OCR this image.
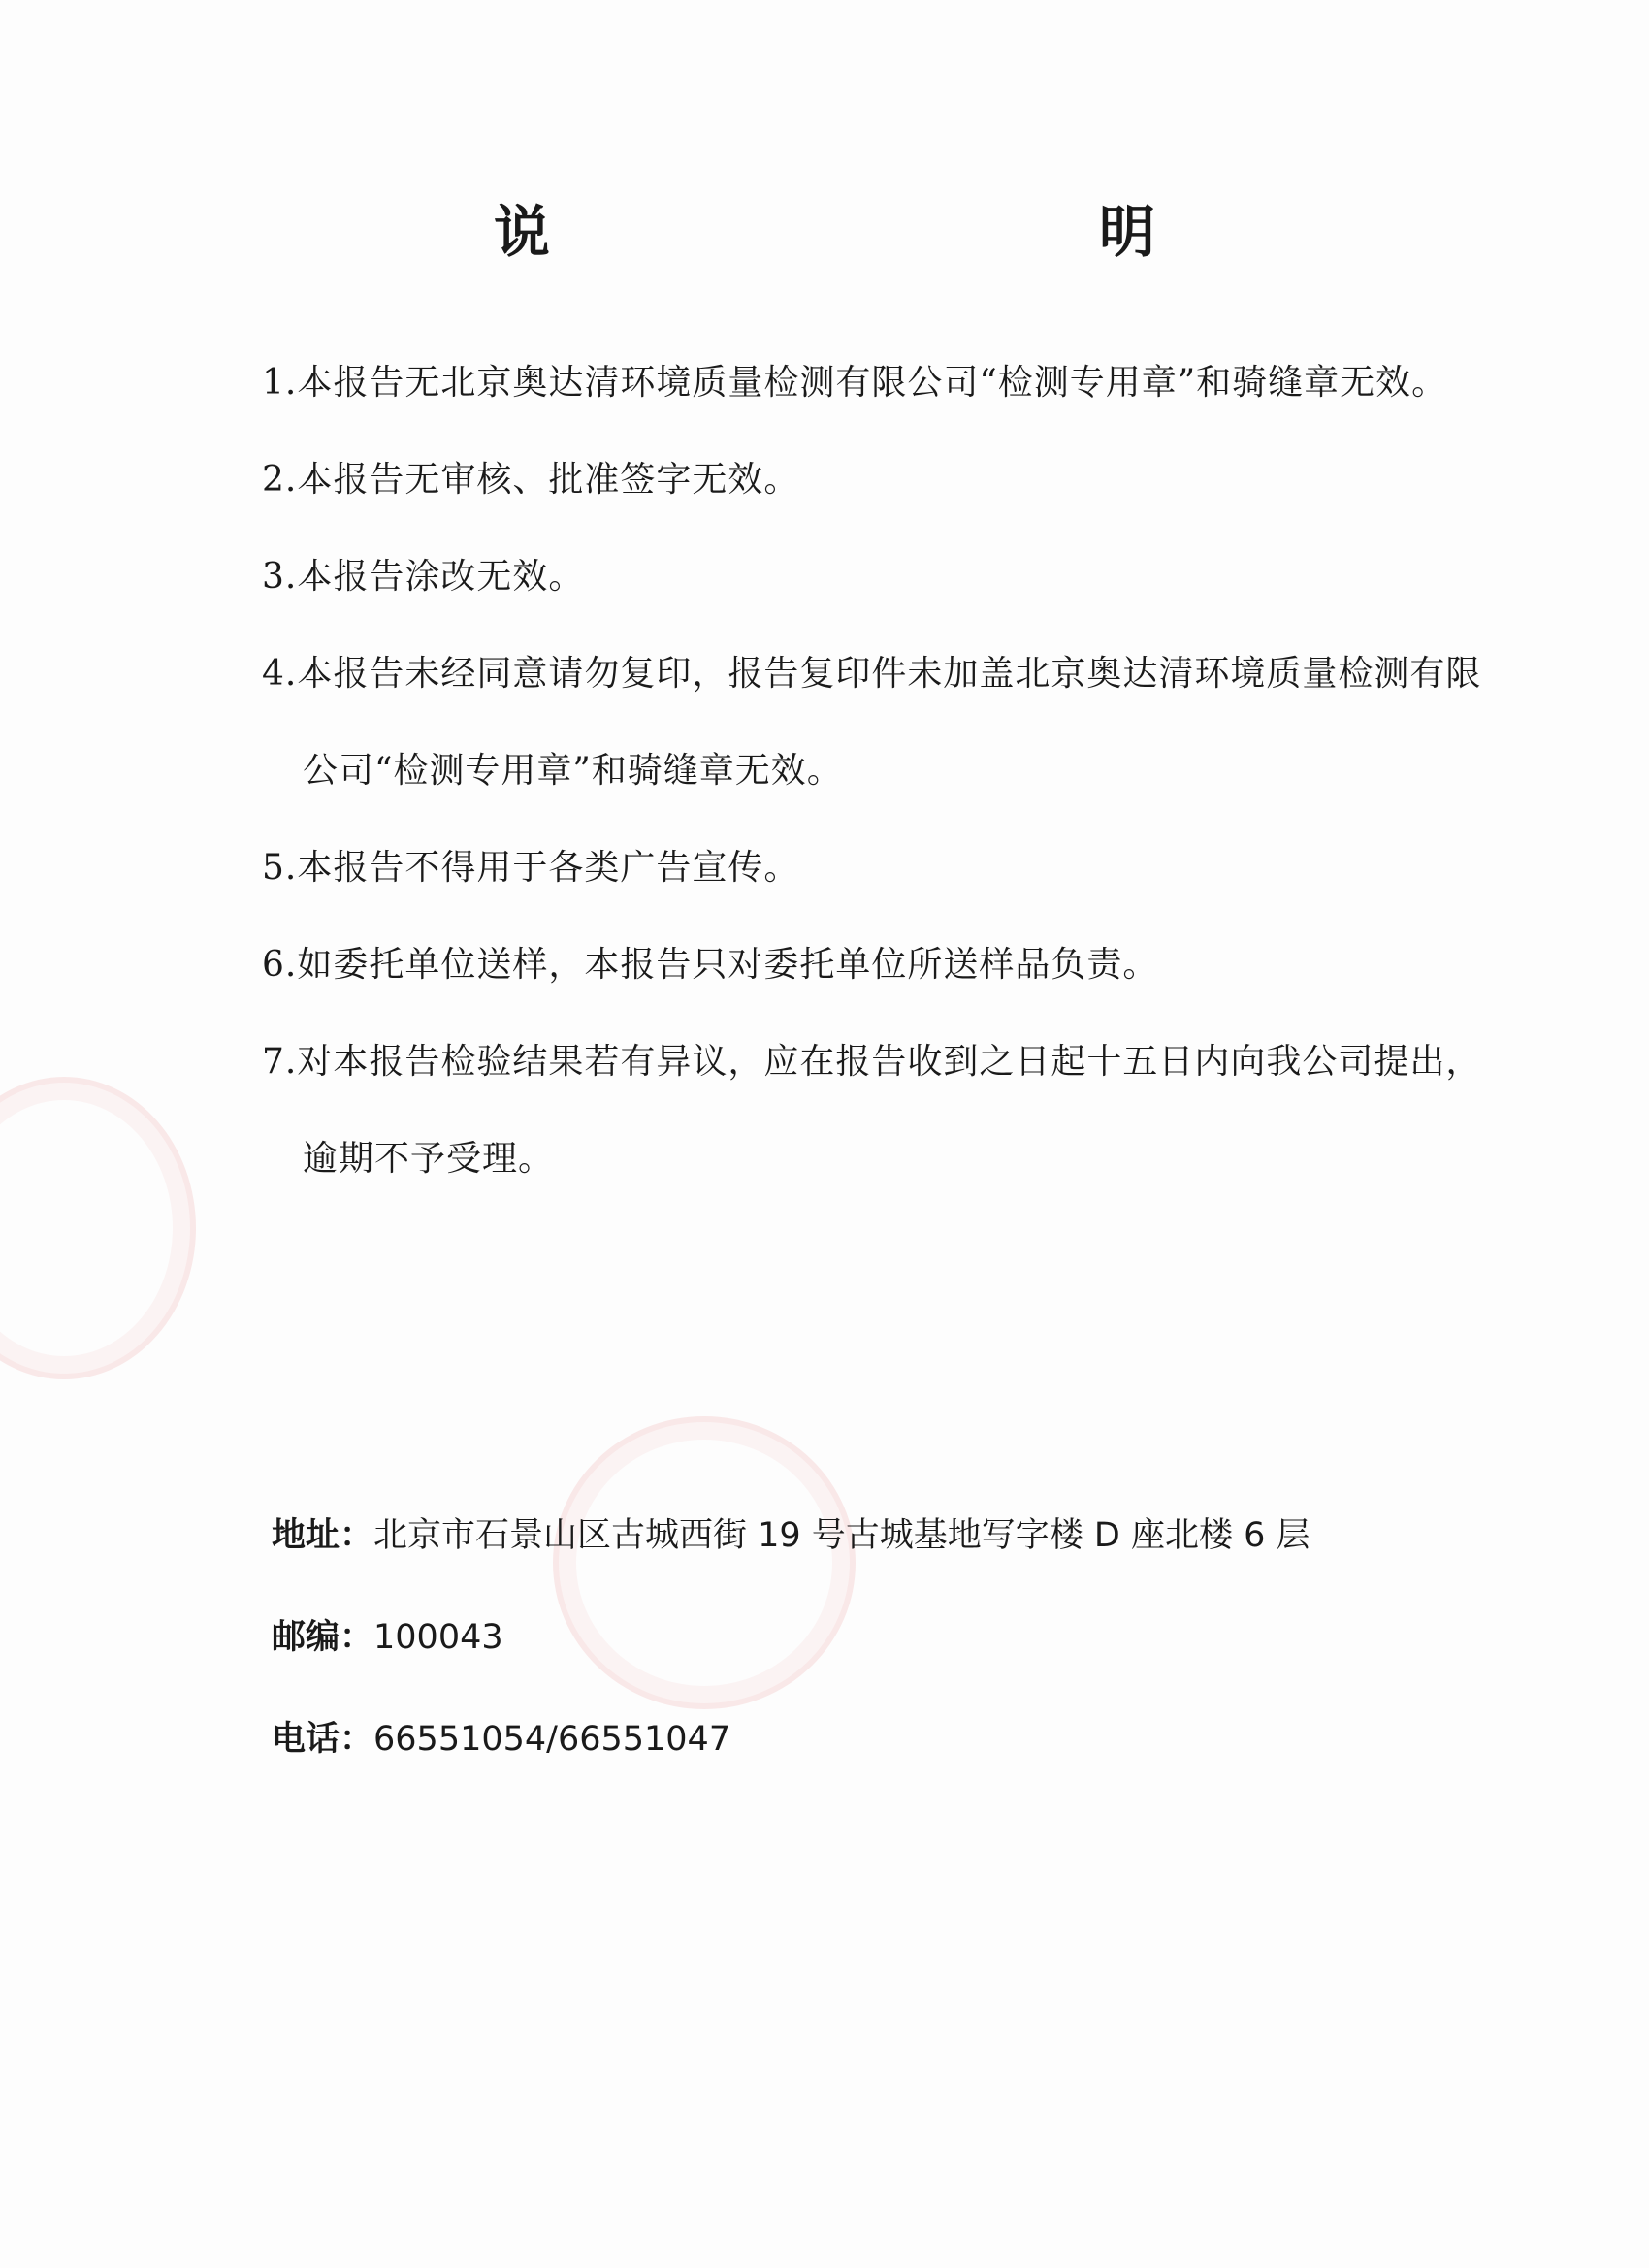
说　　明

1.本报告无北京奥达清环境质量检测有限公司“检测专用章”和骑缝章无效。

2.本报告无审核、批准签字无效。

3.本报告涂改无效。

4.本报告未经同意请勿复印，报告复印件未加盖北京奥达清环境质量检测有限公司“检测专用章”和骑缝章无效。

5.本报告不得用于各类广告宣传。

6.如委托单位送样，本报告只对委托单位所送样品负责。

7.对本报告检验结果若有异议，应在报告收到之日起十五日内向我公司提出，逾期不予受理。

地址：北京市石景山区古城西街 19 号古城基地写字楼 D 座北楼 6 层

邮编：100043

电话：66551054/66551047
